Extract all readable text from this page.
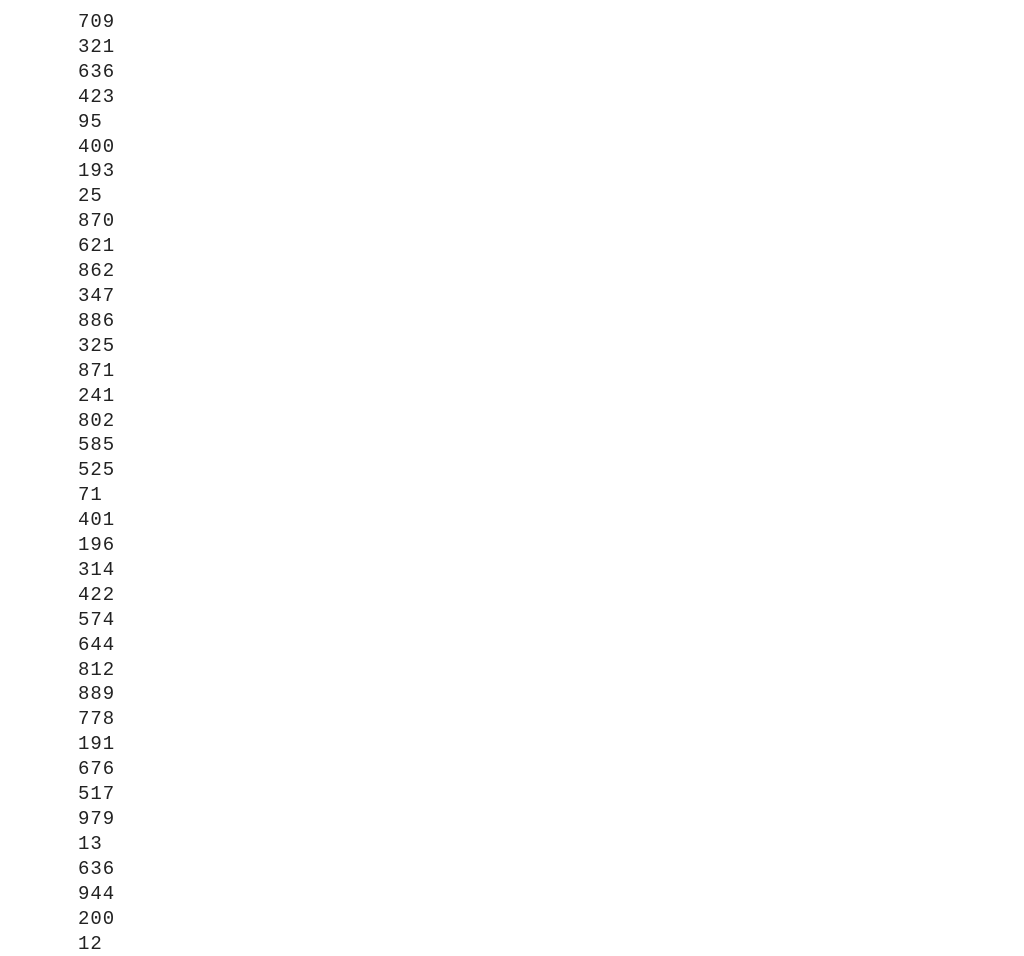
709
321
636
423
95
400
193
25
870
621
862
347
886
325
871
241
802
585
525
71
401
196
314
422
574
644
812
889
778
191
676
517
979
13
636
944
200
12
